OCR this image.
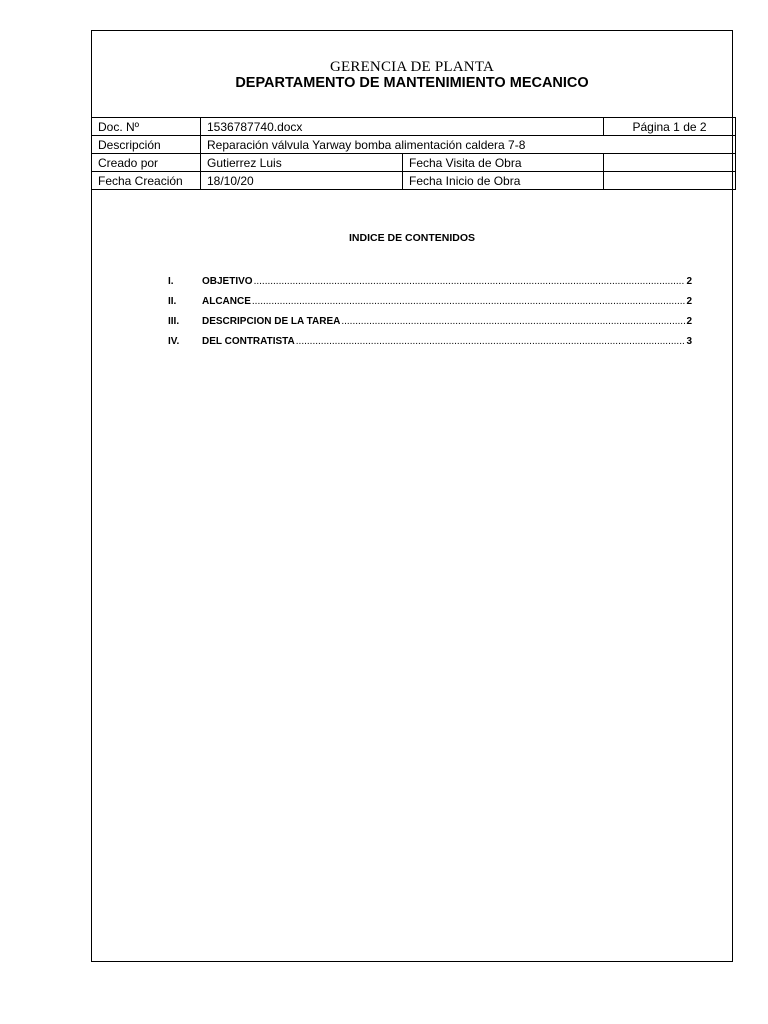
GERENCIA DE PLANTA
DEPARTAMENTO DE MANTENIMIENTO MECANICO
Doc. Nº	1536787740.docx		Página 1 de 2
Descripción	Reparación válvula Yarway bomba alimentación caldera 7-8		
Creado por	Gutierrez Luis	Fecha Visita de Obra	
Fecha Creación	18/10/20	Fecha Inicio de Obra	
INDICE DE CONTENIDOS
I.	OBJETIVO .....	2
II.	ALCANCE .....	2
III.	DESCRIPCION DE LA TAREA .....	2
IV.	DEL CONTRATISTA .....	3
